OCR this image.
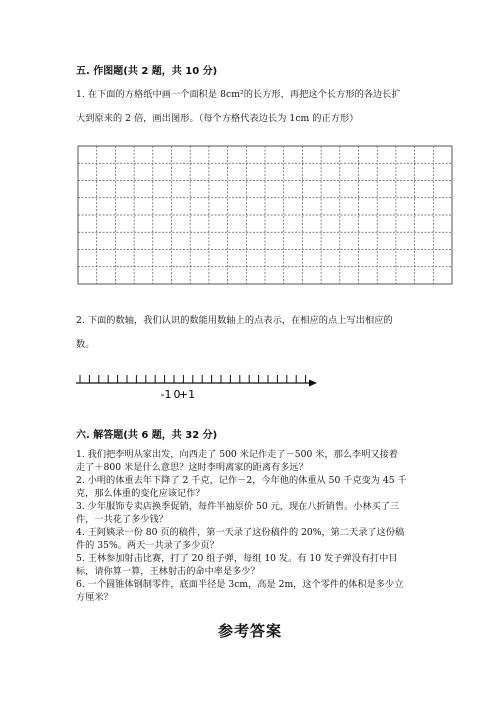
五. 作图题(共 2 题，共 10 分)
1. 在下面的方格纸中画一个面积是 8cm²的长方形，再把这个长方形的各边长扩
大到原来的 2 倍，画出图形。（每个方格代表边长为 1cm 的正方形）
2. 下面的数轴，我们认识的数能用数轴上的点表示，在相应的点上写出相应的
数。
-1 0
+1
六. 解答题(共 6 题，共 32 分)
1. 我们把李明从家出发，向西走了 500 米记作走了－500 米，那么李明又接着
走了＋800 米是什么意思？这时李明离家的距离有多远？
2. 小明的体重去年下降了 2 千克，记作－2，今年他的体重从 50 千克变为 45 千
克，那么体重的变化应该记作？
3. 少年服饰专卖店换季促销，每件半袖原价 50 元，现在八折销售。小林买了三
件，一共花了多少钱？
4. 王阿姨录一份 80 页的稿件，第一天录了这份稿件的 20%，第二天录了这份稿
件的 35%。两天一共录了多少页？
5. 王林参加射击比赛，打了 20 组子弹，每组 10 发。有 10 发子弹没有打中目
标，请你算一算，王林射击的命中率是多少？
6. 一个圆锥体钢制零件，底面半径是 3cm，高是 2m，这个零件的体积是多少立
方厘米？
参考答案
